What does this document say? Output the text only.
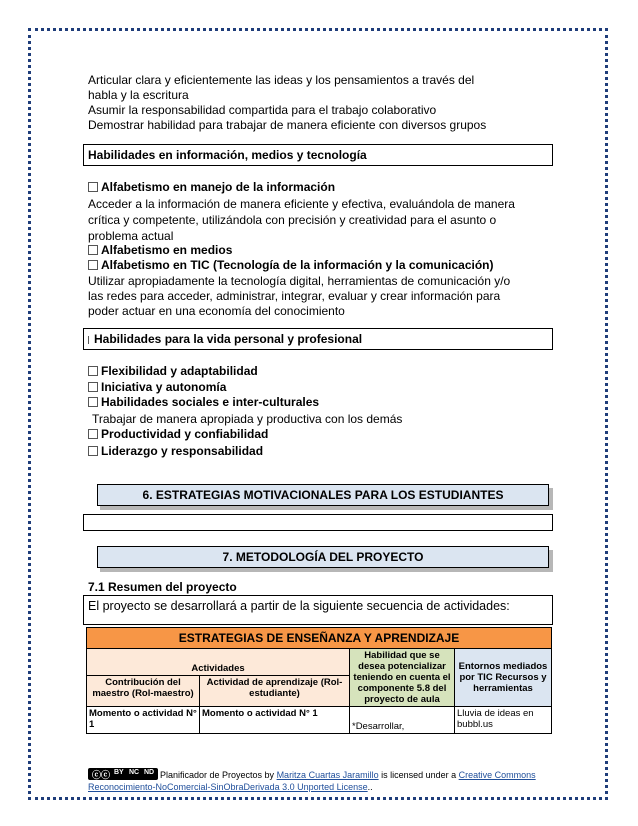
Articular clara y eficientemente las ideas y los pensamientos a través del
habla y la escritura
Asumir la responsabilidad compartida para el trabajo colaborativo
Demostrar habilidad para trabajar de manera eficiente con diversos grupos
Habilidades en información, medios y tecnología
Alfabetismo en manejo de la información
Acceder a la información de manera eficiente y efectiva, evaluándola de manera
crítica y competente, utilizándola con precisión y creatividad para el asunto o
problema actual
Alfabetismo en medios
Alfabetismo en TIC (Tecnología de la información y la comunicación)
Utilizar apropiadamente la tecnología digital, herramientas de comunicación y/o
las redes para acceder, administrar, integrar, evaluar y crear información para
poder actuar en una economía del conocimiento
Habilidades para la vida personal y profesional
Flexibilidad y adaptabilidad
Iniciativa y autonomía
Habilidades sociales e inter-culturales
Trabajar de manera apropiada y productiva con los demás
Productividad y confiabilidad
Liderazgo y responsabilidad
6. ESTRATEGIAS MOTIVACIONALES PARA LOS ESTUDIANTES
7. METODOLOGÍA DEL PROYECTO
7.1 Resumen del proyecto
El proyecto se desarrollará a partir de la siguiente secuencia de actividades:
ESTRATEGIAS DE ENSEÑANZA Y APRENDIZAJE			
Actividades		Habilidad que se desea potencializar teniendo en cuenta el componente 5.8 del proyecto de aula	Entornos mediados por TIC Recursos y herramientas
Contribución del maestro (Rol-maestro)	Actividad de aprendizaje (Rol-estudiante)		
Momento o actividad N° 1	Momento o actividad N° 1	*Desarrollar,	Lluvia de ideas en bubbl.us
ⓒⓒ BY NC ND Planificador de Proyectos by Maritza Cuartas Jaramillo is licensed under a Creative Commons
Reconocimiento-NoComercial-SinObraDerivada 3.0 Unported License..
